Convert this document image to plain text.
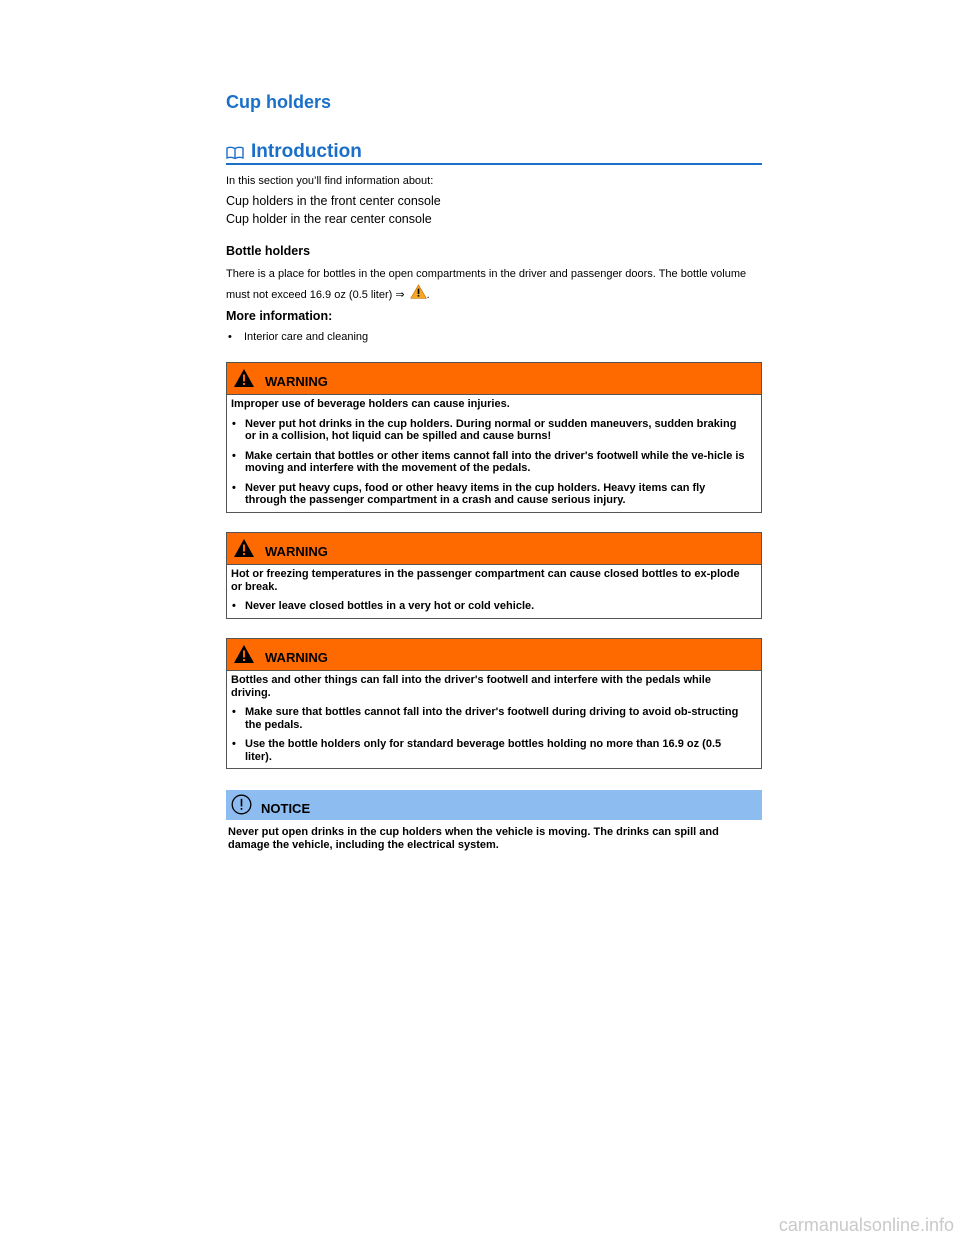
Cup holders
Introduction
In this section you’ll find information about:
Cup holders in the front center console
Cup holder in the rear center console
Bottle holders
There is a place for bottles in the open compartments in the driver and passenger doors. The bottle volume must not exceed 16.9 oz (0.5 liter) ⇒ .
More information:
•	Interior care and cleaning
WARNING

Improper use of beverage holders can cause injuries.

• Never put hot drinks in the cup holders. During normal or sudden maneuvers, sudden braking or in a collision, hot liquid can be spilled and cause burns!

• Make certain that bottles or other items cannot fall into the driver's footwell while the ve-hicle is moving and interfere with the movement of the pedals.

• Never put heavy cups, food or other heavy items in the cup holders. Heavy items can fly through the passenger compartment in a crash and cause serious injury.

WARNING

Hot or freezing temperatures in the passenger compartment can cause closed bottles to ex-plode or break.

• Never leave closed bottles in a very hot or cold vehicle.

WARNING

Bottles and other things can fall into the driver's footwell and interfere with the pedals while driving.

• Make sure that bottles cannot fall into the driver's footwell during driving to avoid ob-structing the pedals.

• Use the bottle holders only for standard beverage bottles holding no more than 16.9 oz (0.5 liter).

NOTICE
Never put open drinks in the cup holders when the vehicle is moving. The drinks can spill and damage the vehicle, including the electrical system.
carmanualsonline.info
